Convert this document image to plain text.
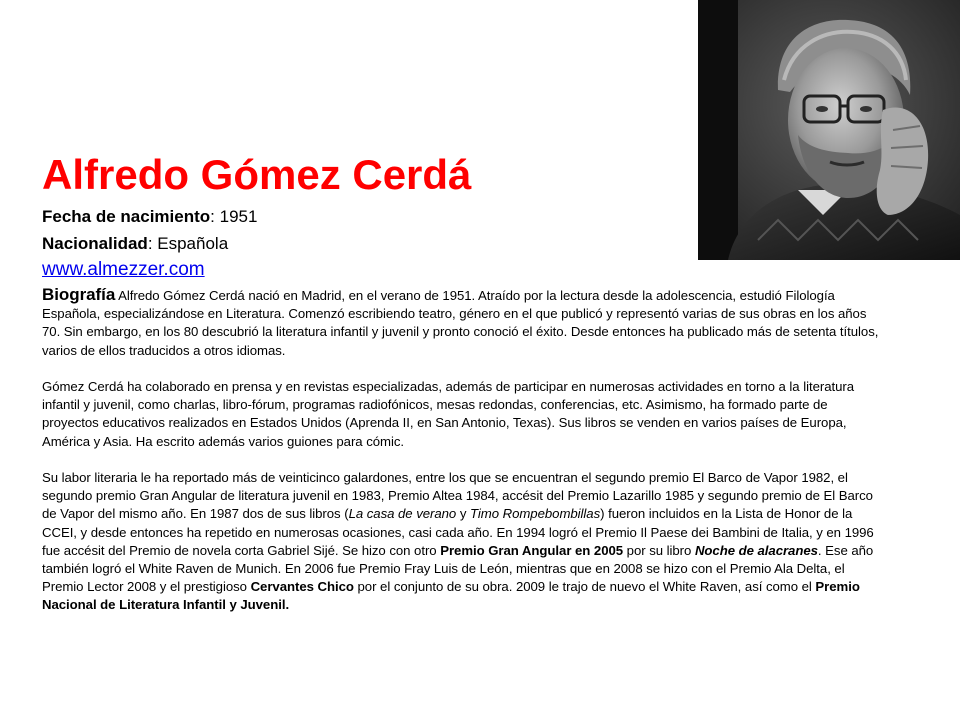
Alfredo Gómez Cerdá
Fecha de nacimiento: 1951
Nacionalidad: Española
www.almezzer.com

Biografía Alfredo Gómez Cerdá nació en Madrid, en el verano de 1951. Atraído por la lectura desde la adolescencia, estudió Filología Española, especializándose en Literatura. Comenzó escribiendo teatro, género en el que publicó y representó varias de sus obras en los años 70. Sin embargo, en los 80 descubrió la literatura infantil y juvenil y pronto conoció el éxito. Desde entonces ha publicado más de setenta títulos, varios de ellos traducidos a otros idiomas.

Gómez Cerdá ha colaborado en prensa y en revistas especializadas, además de participar en numerosas actividades en torno a la literatura infantil y juvenil, como charlas, libro-fórum, programas radiofónicos, mesas redondas, conferencias, etc. Asimismo, ha formado parte de proyectos educativos realizados en Estados Unidos (Aprenda II, en San Antonio, Texas). Sus libros se venden en varios países de Europa, América y Asia. Ha escrito además varios guiones para cómic.

Su labor literaria le ha reportado más de veinticinco galardones, entre los que se encuentran el segundo premio El Barco de Vapor 1982, el segundo premio Gran Angular de literatura juvenil en 1983, Premio Altea 1984, accésit del Premio Lazarillo 1985 y segundo premio de El Barco de Vapor del mismo año. En 1987 dos de sus libros (La casa de verano y Timo Rompebombillas) fueron incluidos en la Lista de Honor de la CCEI, y desde entonces ha repetido en numerosas ocasiones, casi cada año. En 1994 logró el Premio Il Paese dei Bambini de Italia, y en 1996 fue accésit del Premio de novela corta Gabriel Sijé. Se hizo con otro Premio Gran Angular en 2005 por su libro Noche de alacranes. Ese año también logró el White Raven de Munich. En 2006 fue Premio Fray Luis de León, mientras que en 2008 se hizo con el Premio Ala Delta, el Premio Lector 2008 y el prestigioso Cervantes Chico por el conjunto de su obra. 2009 le trajo de nuevo el White Raven, así como el Premio Nacional de Literatura Infantil y Juvenil.
